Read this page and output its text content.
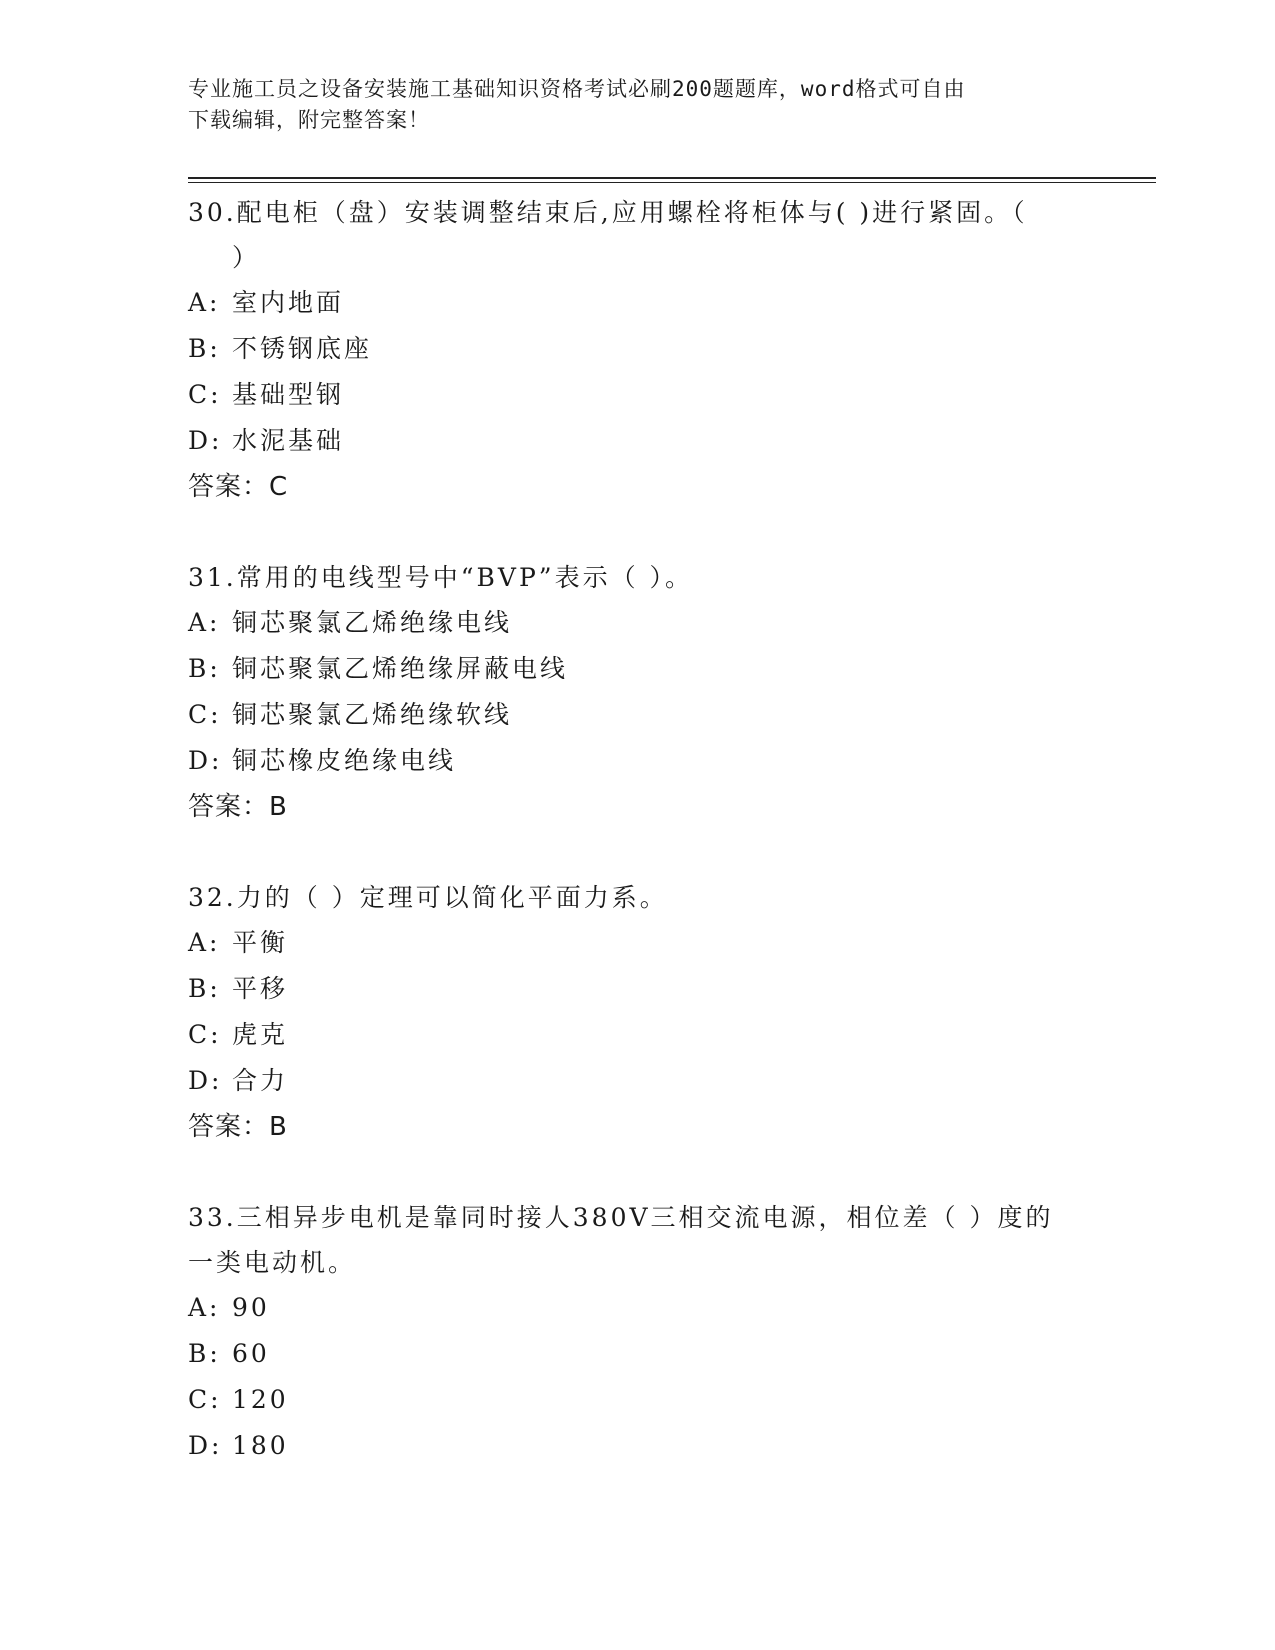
专业施工员之设备安装施工基础知识资格考试必刷200题题库，word格式可自由
下载编辑，附完整答案！
30.配电柜（盘）安装调整结束后,应用螺栓将柜体与( )进行紧固。（
）
A: 室内地面
B: 不锈钢底座
C: 基础型钢
D: 水泥基础
答案：C
31.常用的电线型号中“BVP”表示（ ）。
A: 铜芯聚氯乙烯绝缘电线
B: 铜芯聚氯乙烯绝缘屏蔽电线
C: 铜芯聚氯乙烯绝缘软线
D: 铜芯橡皮绝缘电线
答案：B
32.力的（ ）定理可以简化平面力系。
A: 平衡
B: 平移
C: 虎克
D: 合力
答案：B
33.三相异步电机是靠同时接人380V三相交流电源，相位差（ ）度的
一类电动机。
A: 90
B: 60
C: 120
D: 180
